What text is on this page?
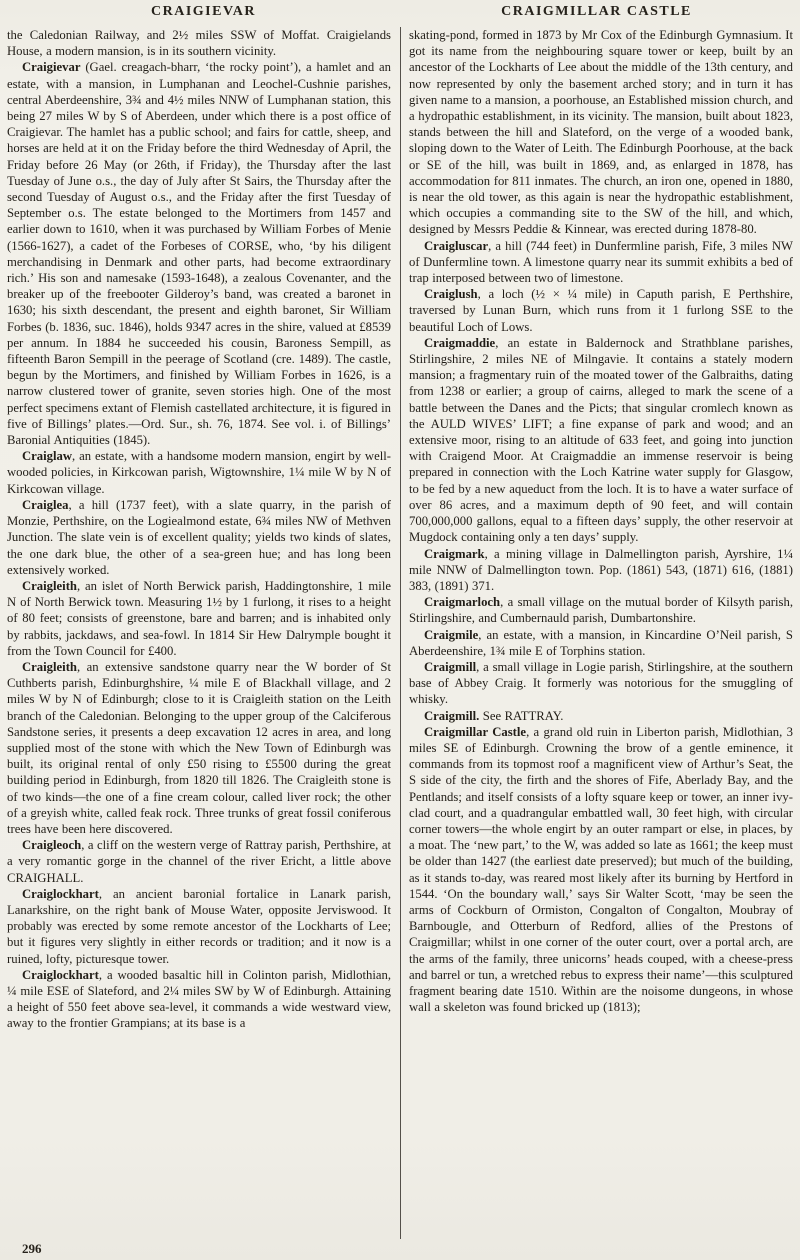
CRAIGIEVAR	CRAIGMILLAR CASTLE

the Caledonian Railway, and 2½ miles SSW of Moffat. Craigielands House, a modern mansion, is in its southern vicinity.

Craigievar (Gael. creagach-bharr, ‘the rocky point’), a hamlet and an estate, with a mansion, in Lumphanan and Leochel-Cushnie parishes, central Aberdeenshire, 3¾ and 4½ miles NNW of Lumphanan station, this being 27 miles W by S of Aberdeen, under which there is a post office of Craigievar. The hamlet has a public school; and fairs for cattle, sheep, and horses are held at it on the Friday before the third Wednesday of April, the Friday before 26 May (or 26th, if Friday), the Thursday after the last Tuesday of June o.s., the day of July after St Sairs, the Thursday after the second Tuesday of August o.s., and the Friday after the first Tuesday of September o.s. The estate belonged to the Mortimers from 1457 and earlier down to 1610, when it was purchased by William Forbes of Menie (1566-1627), a cadet of the Forbeses of CORSE, who, ‘by his diligent merchandising in Denmark and other parts, had become extraordinary rich.’ His son and namesake (1593-1648), a zealous Covenanter, and the breaker up of the freebooter Gilderoy’s band, was created a baronet in 1630; his sixth descendant, the present and eighth baronet, Sir William Forbes (b. 1836, suc. 1846), holds 9347 acres in the shire, valued at £8539 per annum. In 1884 he succeeded his cousin, Baroness Sempill, as fifteenth Baron Sempill in the peerage of Scotland (cre. 1489). The castle, begun by the Mortimers, and finished by William Forbes in 1626, is a narrow clustered tower of granite, seven stories high. One of the most perfect specimens extant of Flemish castellated architecture, it is figured in five of Billings’ plates.—Ord. Sur., sh. 76, 1874. See vol. i. of Billings’ Baronial Antiquities (1845).

Craiglaw, an estate, with a handsome modern mansion, engirt by well-wooded policies, in Kirkcowan parish, Wigtownshire, 1¼ mile W by N of Kirkcowan village.

Craiglea, a hill (1737 feet), with a slate quarry, in the parish of Monzie, Perthshire, on the Logiealmond estate, 6¾ miles NW of Methven Junction. The slate vein is of excellent quality; yields two kinds of slates, the one dark blue, the other of a sea-green hue; and has long been extensively worked.

Craigleith, an islet of North Berwick parish, Haddingtonshire, 1 mile N of North Berwick town. Measuring 1½ by 1 furlong, it rises to a height of 80 feet; consists of greenstone, bare and barren; and is inhabited only by rabbits, jackdaws, and sea-fowl. In 1814 Sir Hew Dalrymple bought it from the Town Council for £400.

Craigleith, an extensive sandstone quarry near the W border of St Cuthberts parish, Edinburghshire, ¼ mile E of Blackhall village, and 2 miles W by N of Edinburgh; close to it is Craigleith station on the Leith branch of the Caledonian. Belonging to the upper group of the Calciferous Sandstone series, it presents a deep excavation 12 acres in area, and long supplied most of the stone with which the New Town of Edinburgh was built, its original rental of only £50 rising to £5500 during the great building period in Edinburgh, from 1820 till 1826. The Craigleith stone is of two kinds—the one of a fine cream colour, called liver rock; the other of a greyish white, called feak rock. Three trunks of great fossil coniferous trees have been here discovered.

Craigleoch, a cliff on the western verge of Rattray parish, Perthshire, at a very romantic gorge in the channel of the river Ericht, a little above CRAIGHALL.

Craiglockhart, an ancient baronial fortalice in Lanark parish, Lanarkshire, on the right bank of Mouse Water, opposite Jerviswood. It probably was erected by some remote ancestor of the Lockharts of Lee; but it figures very slightly in either records or tradition; and it now is a ruined, lofty, picturesque tower.

Craiglockhart, a wooded basaltic hill in Colinton parish, Midlothian, ¼ mile ESE of Slateford, and 2¼ miles SW by W of Edinburgh. Attaining a height of 550 feet above sea-level, it commands a wide westward view, away to the frontier Grampians; at its base is a

skating-pond, formed in 1873 by Mr Cox of the Edinburgh Gymnasium. It got its name from the neighbouring square tower or keep, built by an ancestor of the Lockharts of Lee about the middle of the 13th century, and now represented by only the basement arched story; and in turn it has given name to a mansion, a poorhouse, an Established mission church, and a hydropathic establishment, in its vicinity. The mansion, built about 1823, stands between the hill and Slateford, on the verge of a wooded bank, sloping down to the Water of Leith. The Edinburgh Poorhouse, at the back or SE of the hill, was built in 1869, and, as enlarged in 1878, has accommodation for 811 inmates. The church, an iron one, opened in 1880, is near the old tower, as this again is near the hydropathic establishment, which occupies a commanding site to the SW of the hill, and which, designed by Messrs Peddie & Kinnear, was erected during 1878-80.

Craigluscar, a hill (744 feet) in Dunfermline parish, Fife, 3 miles NW of Dunfermline town. A limestone quarry near its summit exhibits a bed of trap interposed between two of limestone.

Craiglush, a loch (½ × ¼ mile) in Caputh parish, E Perthshire, traversed by Lunan Burn, which runs from it 1 furlong SSE to the beautiful Loch of Lows.

Craigmaddie, an estate in Baldernock and Strathblane parishes, Stirlingshire, 2 miles NE of Milngavie. It contains a stately modern mansion; a fragmentary ruin of the moated tower of the Galbraiths, dating from 1238 or earlier; a group of cairns, alleged to mark the scene of a battle between the Danes and the Picts; that singular cromlech known as the AULD WIVES’ LIFT; a fine expanse of park and wood; and an extensive moor, rising to an altitude of 633 feet, and going into junction with Craigend Moor. At Craigmaddie an immense reservoir is being prepared in connection with the Loch Katrine water supply for Glasgow, to be fed by a new aqueduct from the loch. It is to have a water surface of over 86 acres, and a maximum depth of 90 feet, and will contain 700,000,000 gallons, equal to a fifteen days’ supply, the other reservoir at Mugdock containing only a ten days’ supply.

Craigmark, a mining village in Dalmellington parish, Ayrshire, 1¼ mile NNW of Dalmellington town. Pop. (1861) 543, (1871) 616, (1881) 383, (1891) 371.

Craigmarloch, a small village on the mutual border of Kilsyth parish, Stirlingshire, and Cumbernauld parish, Dumbartonshire.

Craigmile, an estate, with a mansion, in Kincardine O’Neil parish, S Aberdeenshire, 1¾ mile E of Torphins station.

Craigmill, a small village in Logie parish, Stirlingshire, at the southern base of Abbey Craig. It formerly was notorious for the smuggling of whisky.

Craigmill. See RATTRAY.

Craigmillar Castle, a grand old ruin in Liberton parish, Midlothian, 3 miles SE of Edinburgh. Crowning the brow of a gentle eminence, it commands from its topmost roof a magnificent view of Arthur’s Seat, the S side of the city, the firth and the shores of Fife, Aberlady Bay, and the Pentlands; and itself consists of a lofty square keep or tower, an inner ivy-clad court, and a quadrangular embattled wall, 30 feet high, with circular corner towers—the whole engirt by an outer rampart or else, in places, by a moat. The ‘new part,’ to the W, was added so late as 1661; the keep must be older than 1427 (the earliest date preserved); but much of the building, as it stands to-day, was reared most likely after its burning by Hertford in 1544. ‘On the boundary wall,’ says Sir Walter Scott, ‘may be seen the arms of Cockburn of Ormiston, Congalton of Congalton, Moubray of Barnbougle, and Otterburn of Redford, allies of the Prestons of Craigmillar; whilst in one corner of the outer court, over a portal arch, are the arms of the family, three unicorns’ heads couped, with a cheese-press and barrel or tun, a wretched rebus to express their name’—this sculptured fragment bearing date 1510. Within are the noisome dungeons, in whose wall a skeleton was found bricked up (1813);

296
